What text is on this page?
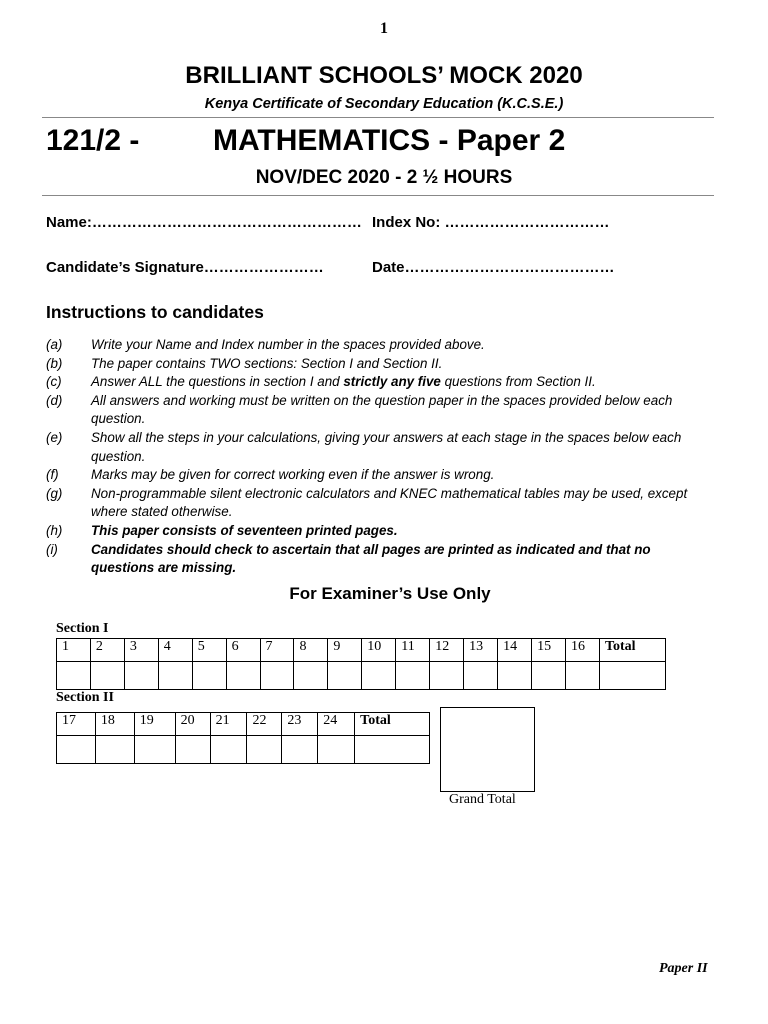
1
BRILLIANT SCHOOLS’ MOCK 2020
Kenya Certificate of Secondary Education (K.C.S.E.)
121/2 - MATHEMATICS - Paper 2
NOV/DEC 2020 - 2 ½ HOURS
Name:……………………………………………… Index No: ……………………………
Candidate’s Signature……………………	Date……………………………………
Instructions to candidates
(a)	Write your Name and Index number in the spaces provided above.
(b)	The paper contains TWO sections: Section I and Section II.
(c)	Answer ALL the questions in section I and strictly any five questions from Section II.
(d)	All answers and working must be written on the question paper in the spaces provided below each question.
(e)	Show all the steps in your calculations, giving your answers at each stage in the spaces below each question.
(f)	Marks may be given for correct working even if the answer is wrong.
(g)	Non-programmable silent electronic calculators and KNEC mathematical tables may be used, except where stated otherwise.
(h)	This paper consists of seventeen printed pages.
(i)	Candidates should check to ascertain that all pages are printed as indicated and that no questions are missing.
For Examiner’s Use Only
Section I
1	2	3	4	5	6	7	8	9	10	11	12	13	14	15	16	Total

Section II
17	18	19	20	21	22	23	24	Total

Grand Total
Paper II
